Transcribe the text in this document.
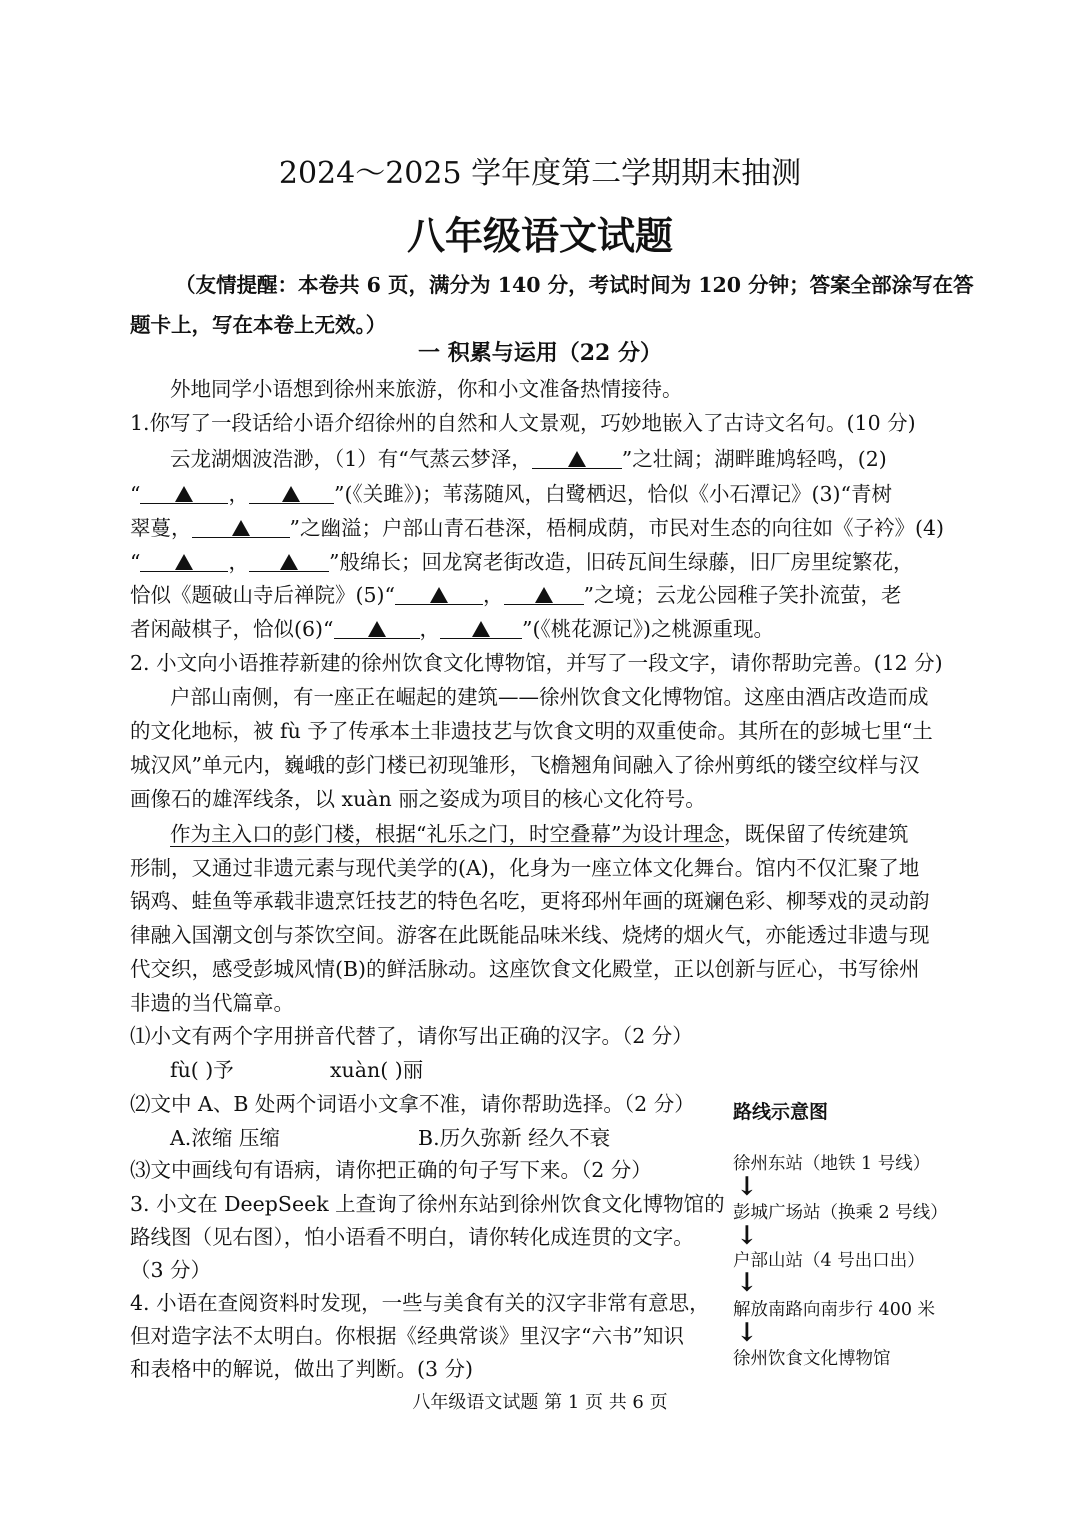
2024～2025 学年度第二学期期末抽测
八年级语文试题
（友情提醒：本卷共 6 页，满分为 140 分，考试时间为 120 分钟；答案全部涂写在答
题卡上，写在本卷上无效。）
一 积累与运用（22 分）
外地同学小语想到徐州来旅游，你和小文准备热情接待。
1.你写了一段话给小语介绍徐州的自然和人文景观，巧妙地嵌入了古诗文名句。(10 分)
云龙湖烟波浩渺，（1）有“气蒸云梦泽，	”之壮阔；湖畔雎鸠轻鸣，(2)
“	，	”(《关雎》)；苇荡随风，白鹭栖迟，恰似《小石潭记》(3)“青树
翠蔓，	”之幽溢；户部山青石巷深，梧桐成荫，市民对生态的向往如《子衿》(4)
“	，	”般绵长；回龙窝老街改造，旧砖瓦间生绿藤，旧厂房里绽繁花，
恰似《题破山寺后禅院》(5)“	，	”之境；云龙公园稚子笑扑流萤，老
者闲敲棋子，恰似(6)“	，	”(《桃花源记》)之桃源重现。
2. 小文向小语推荐新建的徐州饮食文化博物馆，并写了一段文字，请你帮助完善。(12 分)
户部山南侧，有一座正在崛起的建筑——徐州饮食文化博物馆。这座由酒店改造而成
的文化地标，被 fù 予了传承本土非遗技艺与饮食文明的双重使命。其所在的彭城七里“土
城汉风”单元内，巍峨的彭门楼已初现雏形，飞檐翘角间融入了徐州剪纸的镂空纹样与汉
画像石的雄浑线条，以 xuàn 丽之姿成为项目的核心文化符号。
作为主入口的彭门楼，根据“礼乐之门，时空叠幕”为设计理念，既保留了传统建筑
形制，又通过非遗元素与现代美学的(A)，化身为一座立体文化舞台。馆内不仅汇聚了地
锅鸡、蛙鱼等承载非遗烹饪技艺的特色名吃，更将邳州年画的斑斓色彩、柳琴戏的灵动韵
律融入国潮文创与茶饮空间。游客在此既能品味米线、烧烤的烟火气，亦能透过非遗与现
代交织，感受彭城风情(B)的鲜活脉动。这座饮食文化殿堂，正以创新与匠心，书写徐州
非遗的当代篇章。
⑴小文有两个字用拼音代替了，请你写出正确的汉字。（2 分）
fù( )予	xuàn( )丽
⑵文中 A、B 处两个词语小文拿不准，请你帮助选择。（2 分）
A.浓缩 压缩	B.历久弥新 经久不衰
⑶文中画线句有语病，请你把正确的句子写下来。（2 分）
3. 小文在 DeepSeek 上查询了徐州东站到徐州饮食文化博物馆的
路线图（见右图），怕小语看不明白，请你转化成连贯的文字。
（3 分）
4. 小语在查阅资料时发现，一些与美食有关的汉字非常有意思，
但对造字法不太明白。你根据《经典常谈》里汉字“六书”知识
和表格中的解说，做出了判断。(3 分)
路线示意图
徐州东站（地铁 1 号线）
↓
彭城广场站（换乘 2 号线）
↓
户部山站（4 号出口出）
↓
解放南路向南步行 400 米
↓
徐州饮食文化博物馆
八年级语文试题 第 1 页 共 6 页
